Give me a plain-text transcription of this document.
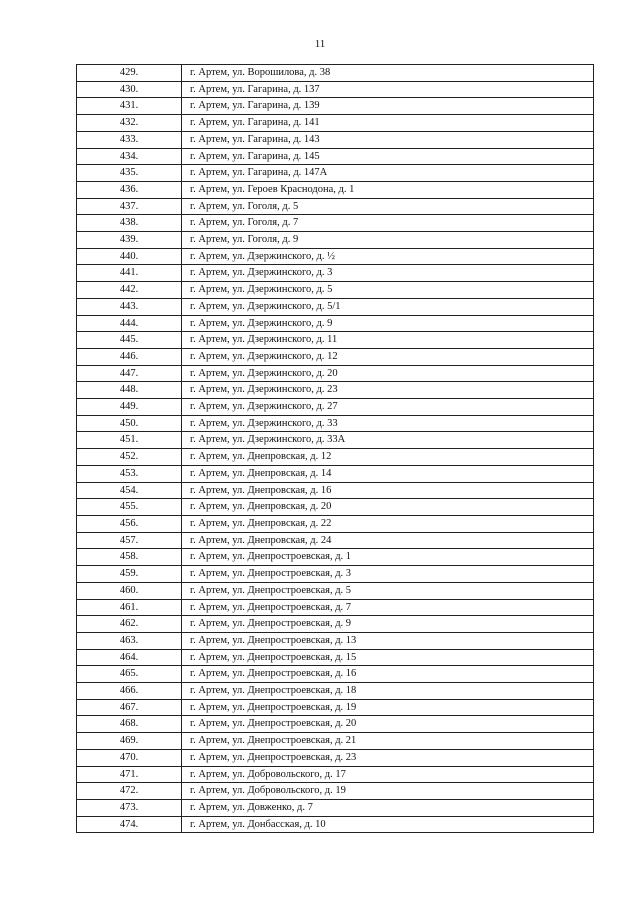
11
429.	г. Артем, ул. Ворошилова, д. 38
430.	г. Артем, ул. Гагарина, д. 137
431.	г. Артем, ул. Гагарина, д. 139
432.	г. Артем, ул. Гагарина, д. 141
433.	г. Артем, ул. Гагарина, д. 143
434.	г. Артем, ул. Гагарина, д. 145
435.	г. Артем, ул. Гагарина, д. 147А
436.	г. Артем, ул. Героев Краснодона, д. 1
437.	г. Артем, ул. Гоголя, д. 5
438.	г. Артем, ул. Гоголя, д. 7
439.	г. Артем, ул. Гоголя, д. 9
440.	г. Артем, ул. Дзержинского, д. ½
441.	г. Артем, ул. Дзержинского, д. 3
442.	г. Артем, ул. Дзержинского, д. 5
443.	г. Артем, ул. Дзержинского, д. 5/1
444.	г. Артем, ул. Дзержинского, д. 9
445.	г. Артем, ул. Дзержинского, д. 11
446.	г. Артем, ул. Дзержинского, д. 12
447.	г. Артем, ул. Дзержинского, д. 20
448.	г. Артем, ул. Дзержинского, д. 23
449.	г. Артем, ул. Дзержинского, д. 27
450.	г. Артем, ул. Дзержинского, д. 33
451.	г. Артем, ул. Дзержинского, д. 33А
452.	г. Артем, ул. Днепровская, д. 12
453.	г. Артем, ул. Днепровская, д. 14
454.	г. Артем, ул. Днепровская, д. 16
455.	г. Артем, ул. Днепровская, д. 20
456.	г. Артем, ул. Днепровская, д. 22
457.	г. Артем, ул. Днепровская, д. 24
458.	г. Артем, ул. Днепростроевская, д. 1
459.	г. Артем, ул. Днепростроевская, д. 3
460.	г. Артем, ул. Днепростроевская, д. 5
461.	г. Артем, ул. Днепростроевская, д. 7
462.	г. Артем, ул. Днепростроевская, д. 9
463.	г. Артем, ул. Днепростроевская, д. 13
464.	г. Артем, ул. Днепростроевская, д. 15
465.	г. Артем, ул. Днепростроевская, д. 16
466.	г. Артем, ул. Днепростроевская, д. 18
467.	г. Артем, ул. Днепростроевская, д. 19
468.	г. Артем, ул. Днепростроевская, д. 20
469.	г. Артем, ул. Днепростроевская, д. 21
470.	г. Артем, ул. Днепростроевская, д. 23
471.	г. Артем, ул. Добровольского, д. 17
472.	г. Артем, ул. Добровольского, д. 19
473.	г. Артем, ул. Довженко, д. 7
474.	г. Артем, ул. Донбасская, д. 10
